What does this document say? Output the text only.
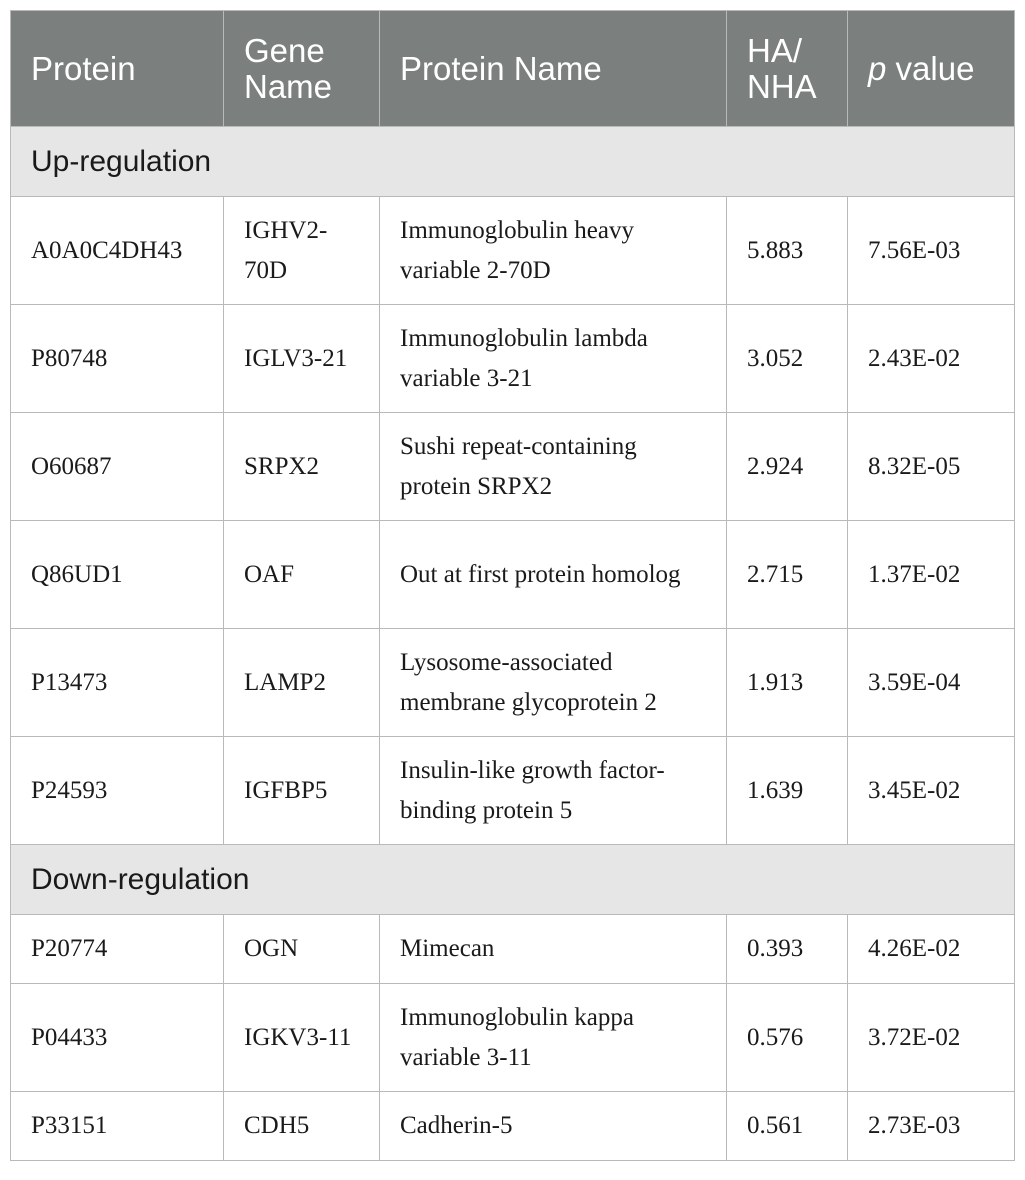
Protein	Gene Name	Protein Name	HA/ NHA	p value
Up-regulation				
A0A0C4DH43	IGHV2-70D	Immunoglobulin heavy variable 2-70D	5.883	7.56E-03
P80748	IGLV3-21	Immunoglobulin lambda variable 3-21	3.052	2.43E-02
O60687	SRPX2	Sushi repeat-containing protein SRPX2	2.924	8.32E-05
Q86UD1	OAF	Out at first protein homolog	2.715	1.37E-02
P13473	LAMP2	Lysosome-associated membrane glycoprotein 2	1.913	3.59E-04
P24593	IGFBP5	Insulin-like growth factor-binding protein 5	1.639	3.45E-02
Down-regulation				
P20774	OGN	Mimecan	0.393	4.26E-02
P04433	IGKV3-11	Immunoglobulin kappa variable 3-11	0.576	3.72E-02
P33151	CDH5	Cadherin-5	0.561	2.73E-03
